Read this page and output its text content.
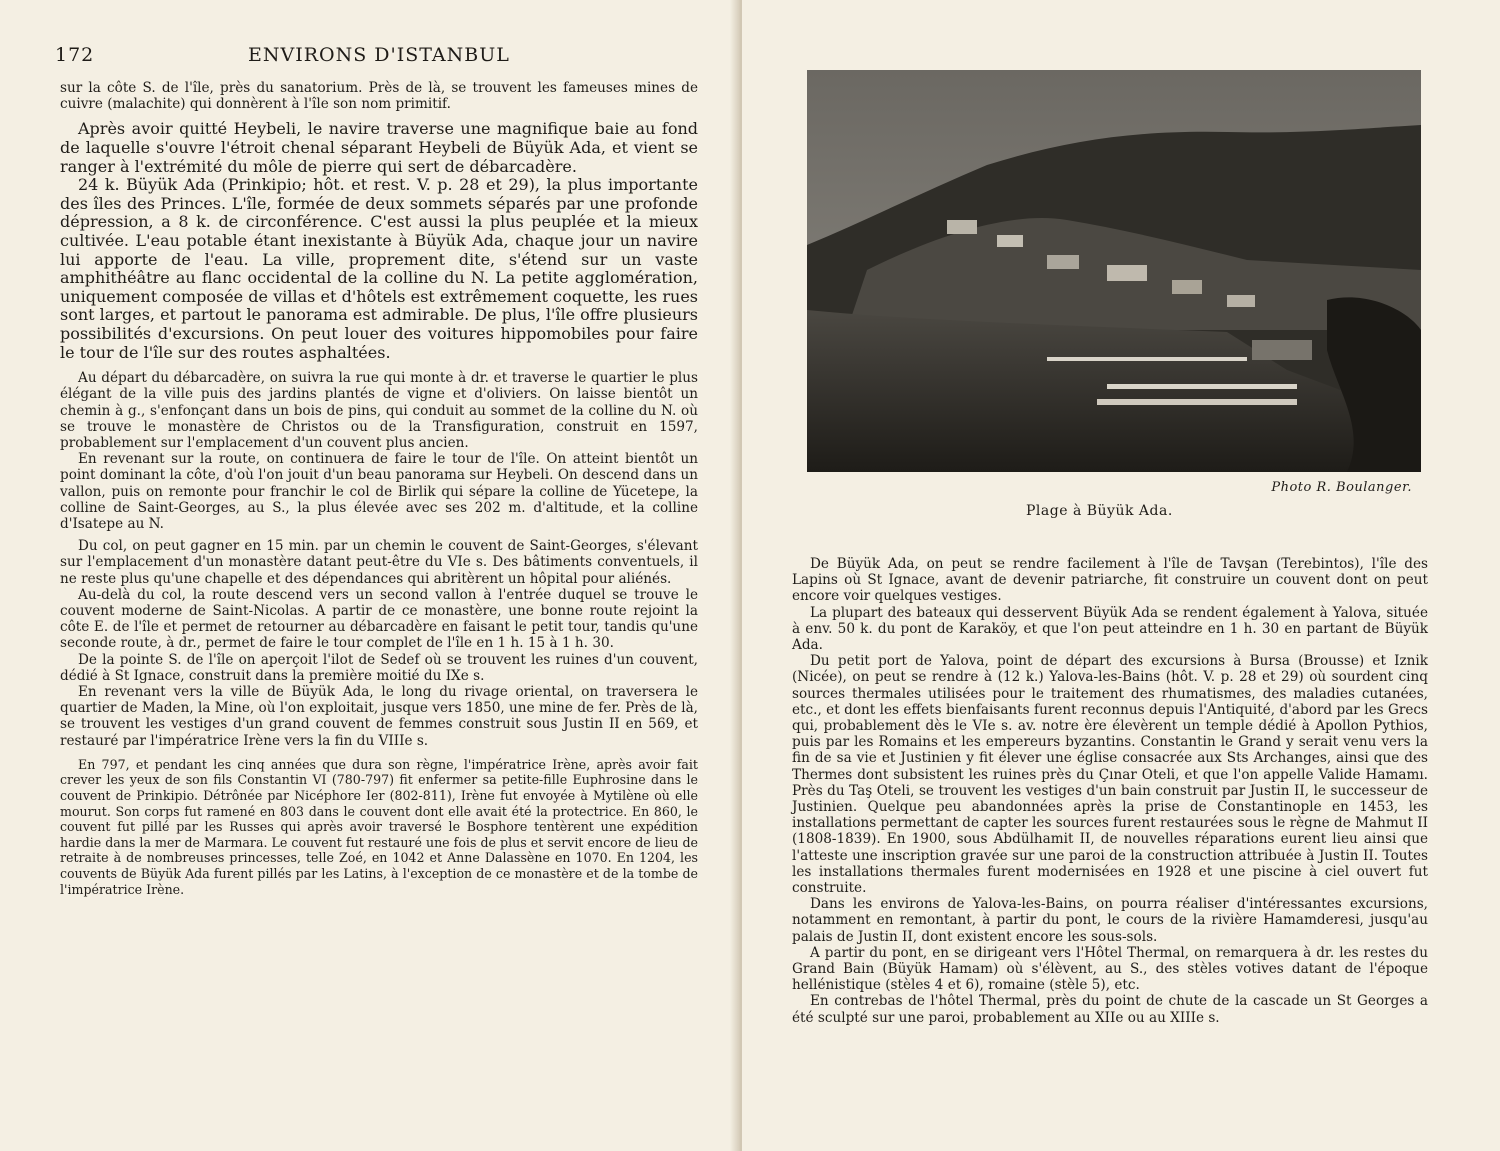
172	ENVIRONS D'ISTANBUL

sur la côte S. de l'île, près du sanatorium. Près de là, se trouvent les fameuses mines de cuivre (malachite) qui donnèrent à l'île son nom primitif.

Après avoir quitté Heybeli, le navire traverse une magnifique baie au fond de laquelle s'ouvre l'étroit chenal séparant Heybeli de Büyük Ada, et vient se ranger à l'extrémité du môle de pierre qui sert de débarcadère.

24 k. Büyük Ada (Prinkipio; hôt. et rest. V. p. 28 et 29), la plus importante des îles des Princes. L'île, formée de deux sommets séparés par une profonde dépression, a 8 k. de circonférence. C'est aussi la plus peuplée et la mieux cultivée. L'eau potable étant inexistante à Büyük Ada, chaque jour un navire lui apporte de l'eau. La ville, proprement dite, s'étend sur un vaste amphithéâtre au flanc occidental de la colline du N. La petite agglomération, uniquement composée de villas et d'hôtels est extrêmement coquette, les rues sont larges, et partout le panorama est admirable. De plus, l'île offre plusieurs possibilités d'excursions. On peut louer des voitures hippomobiles pour faire le tour de l'île sur des routes asphaltées.

Au départ du débarcadère, on suivra la rue qui monte à dr. et traverse le quartier le plus élégant de la ville puis des jardins plantés de vigne et d'oliviers. On laisse bientôt un chemin à g., s'enfonçant dans un bois de pins, qui conduit au sommet de la colline du N. où se trouve le monastère de Christos ou de la Transfiguration, construit en 1597, probablement sur l'emplacement d'un couvent plus ancien.

En revenant sur la route, on continuera de faire le tour de l'île. On atteint bientôt un point dominant la côte, d'où l'on jouit d'un beau panorama sur Heybeli. On descend dans un vallon, puis on remonte pour franchir le col de Birlik qui sépare la colline de Yücetepe, la colline de Saint-Georges, au S., la plus élevée avec ses 202 m. d'altitude, et la colline d'Isatepe au N.

Du col, on peut gagner en 15 min. par un chemin le couvent de Saint-Georges, s'élevant sur l'emplacement d'un monastère datant peut-être du VIe s. Des bâtiments conventuels, il ne reste plus qu'une chapelle et des dépendances qui abritèrent un hôpital pour aliénés.

Au-delà du col, la route descend vers un second vallon à l'entrée duquel se trouve le couvent moderne de Saint-Nicolas. A partir de ce monastère, une bonne route rejoint la côte E. de l'île et permet de retourner au débarcadère en faisant le petit tour, tandis qu'une seconde route, à dr., permet de faire le tour complet de l'île en 1 h. 15 à 1 h. 30.

De la pointe S. de l'île on aperçoit l'ilot de Sedef où se trouvent les ruines d'un couvent, dédié à St Ignace, construit dans la première moitié du IXe s.

En revenant vers la ville de Büyük Ada, le long du rivage oriental, on traversera le quartier de Maden, la Mine, où l'on exploitait, jusque vers 1850, une mine de fer. Près de là, se trouvent les vestiges d'un grand couvent de femmes construit sous Justin II en 569, et restauré par l'impératrice Irène vers la fin du VIIIe s.

En 797, et pendant les cinq années que dura son règne, l'impératrice Irène, après avoir fait crever les yeux de son fils Constantin VI (780-797) fit enfermer sa petite-fille Euphrosine dans le couvent de Prinkipio. Détrônée par Nicéphore Ier (802-811), Irène fut envoyée à Mytilène où elle mourut. Son corps fut ramené en 803 dans le couvent dont elle avait été la protectrice. En 860, le couvent fut pillé par les Russes qui après avoir traversé le Bosphore tentèrent une expédition hardie dans la mer de Marmara. Le couvent fut restauré une fois de plus et servit encore de lieu de retraite à de nombreuses princesses, telle Zoé, en 1042 et Anne Dalassène en 1070. En 1204, les couvents de Büyük Ada furent pillés par les Latins, à l'exception de ce monastère et de la tombe de l'impératrice Irène.

Photo R. Boulanger.
Plage à Büyük Ada.

De Büyük Ada, on peut se rendre facilement à l'île de Tavşan (Terebintos), l'île des Lapins où St Ignace, avant de devenir patriarche, fit construire un couvent dont on peut encore voir quelques vestiges.

La plupart des bateaux qui desservent Büyük Ada se rendent également à Yalova, située à env. 50 k. du pont de Karaköy, et que l'on peut atteindre en 1 h. 30 en partant de Büyük Ada.

Du petit port de Yalova, point de départ des excursions à Bursa (Brousse) et Iznik (Nicée), on peut se rendre à (12 k.) Yalova-les-Bains (hôt. V. p. 28 et 29) où sourdent cinq sources thermales utilisées pour le traitement des rhumatismes, des maladies cutanées, etc., et dont les effets bienfaisants furent reconnus depuis l'Antiquité, d'abord par les Grecs qui, probablement dès le VIe s. av. notre ère élevèrent un temple dédié à Apollon Pythios, puis par les Romains et les empereurs byzantins. Constantin le Grand y serait venu vers la fin de sa vie et Justinien y fit élever une église consacrée aux Sts Archanges, ainsi que des Thermes dont subsistent les ruines près du Çınar Oteli, et que l'on appelle Valide Hamamı. Près du Taş Oteli, se trouvent les vestiges d'un bain construit par Justin II, le successeur de Justinien. Quelque peu abandonnées après la prise de Constantinople en 1453, les installations permettant de capter les sources furent restaurées sous le règne de Mahmut II (1808-1839). En 1900, sous Abdülhamit II, de nouvelles réparations eurent lieu ainsi que l'atteste une inscription gravée sur une paroi de la construction attribuée à Justin II. Toutes les installations thermales furent modernisées en 1928 et une piscine à ciel ouvert fut construite.

Dans les environs de Yalova-les-Bains, on pourra réaliser d'intéressantes excursions, notamment en remontant, à partir du pont, le cours de la rivière Hamamderesi, jusqu'au palais de Justin II, dont existent encore les sous-sols.

A partir du pont, en se dirigeant vers l'Hôtel Thermal, on remarquera à dr. les restes du Grand Bain (Büyük Hamam) où s'élèvent, au S., des stèles votives datant de l'époque hellénistique (stèles 4 et 6), romaine (stèle 5), etc.

En contrebas de l'hôtel Thermal, près du point de chute de la cascade un St Georges a été sculpté sur une paroi, probablement au XIIe ou au XIIIe s.
